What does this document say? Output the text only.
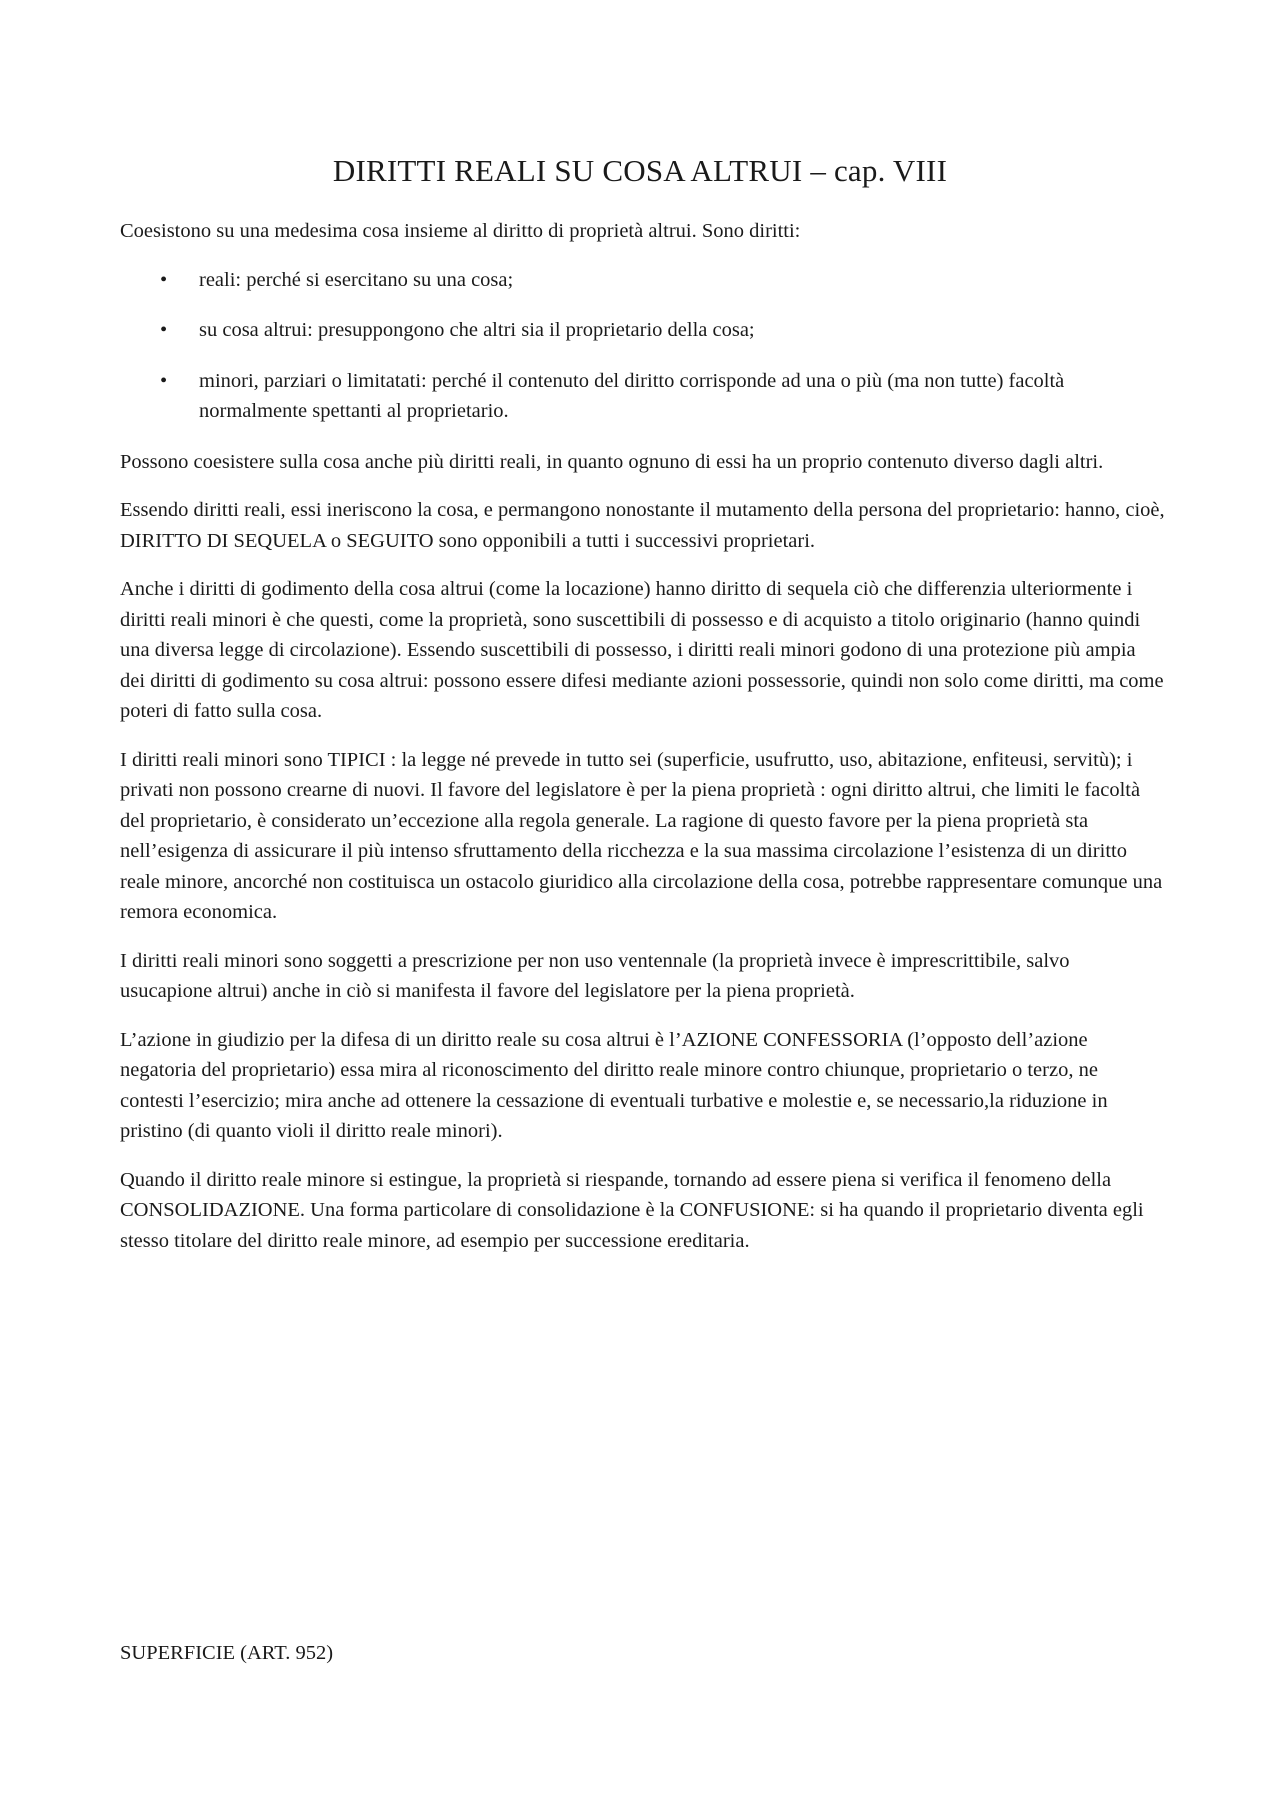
DIRITTI REALI SU COSA ALTRUI – cap. VIII

Coesistono su una medesima cosa insieme al diritto di proprietà altrui. Sono diritti:

• reali: perché si esercitano su una cosa;
• su cosa altrui: presuppongono che altri sia il proprietario della cosa;
• minori, parziari o limitatati: perché il contenuto del diritto corrisponde ad una o più (ma non tutte) facoltà normalmente spettanti al proprietario.

Possono coesistere sulla cosa anche più diritti reali, in quanto ognuno di essi ha un proprio contenuto diverso dagli altri.

Essendo diritti reali, essi ineriscono la cosa, e permangono nonostante il mutamento della persona del proprietario: hanno, cioè, DIRITTO DI SEQUELA o SEGUITO sono opponibili a tutti i successivi proprietari.

Anche i diritti di godimento della cosa altrui (come la locazione) hanno diritto di sequela ciò che differenzia ulteriormente i diritti reali minori è che questi, come la proprietà, sono suscettibili di possesso e di acquisto a titolo originario (hanno quindi una diversa legge di circolazione). Essendo suscettibili di possesso, i diritti reali minori godono di una protezione più ampia dei diritti di godimento su cosa altrui: possono essere difesi mediante azioni possessorie, quindi non solo come diritti, ma come poteri di fatto sulla cosa.

I diritti reali minori sono TIPICI : la legge né prevede in tutto sei (superficie, usufrutto, uso, abitazione, enfiteusi, servitù); i privati non possono crearne di nuovi. Il favore del legislatore è per la piena proprietà : ogni diritto altrui, che limiti le facoltà del proprietario, è considerato un’eccezione alla regola generale. La ragione di questo favore per la piena proprietà sta nell’esigenza di assicurare il più intenso sfruttamento della ricchezza e la sua massima circolazione l’esistenza di un diritto reale minore, ancorché non costituisca un ostacolo giuridico alla circolazione della cosa, potrebbe rappresentare comunque una remora economica.

I diritti reali minori sono soggetti a prescrizione per non uso ventennale (la proprietà invece è imprescrittibile, salvo usucapione altrui) anche in ciò si manifesta il favore del legislatore per la piena proprietà.

L’azione in giudizio per la difesa di un diritto reale su cosa altrui è l’AZIONE CONFESSORIA (l’opposto dell’azione negatoria del proprietario) essa mira al riconoscimento del diritto reale minore contro chiunque, proprietario o terzo, ne contesti l’esercizio; mira anche ad ottenere la cessazione di eventuali turbative e molestie e, se necessario,la riduzione in pristino (di quanto violi il diritto reale minori).

Quando il diritto reale minore si estingue, la proprietà si riespande, tornando ad essere piena si verifica il fenomeno della CONSOLIDAZIONE. Una forma particolare di consolidazione è la CONFUSIONE: si ha quando il proprietario diventa egli stesso titolare del diritto reale minore, ad esempio per successione ereditaria.

SUPERFICIE (ART. 952)
